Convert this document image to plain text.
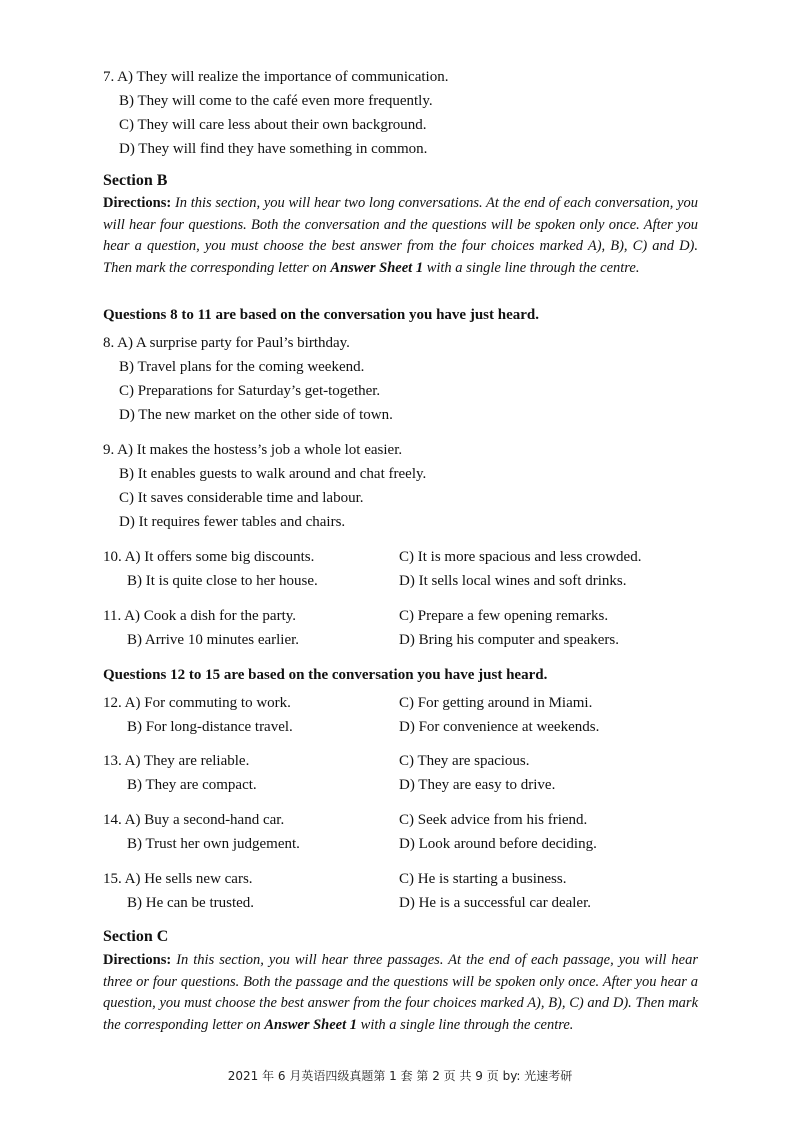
7. A) They will realize the importance of communication.
B) They will come to the café even more frequently.
C) They will care less about their own background.
D) They will find they have something in common.
Section B
Directions: In this section, you will hear two long conversations. At the end of each conversation, you will hear four questions. Both the conversation and the questions will be spoken only once. After you hear a question, you must choose the best answer from the four choices marked A), B), C) and D). Then mark the corresponding letter on Answer Sheet 1 with a single line through the centre.
Questions 8 to 11 are based on the conversation you have just heard.
8. A) A surprise party for Paul’s birthday.
B) Travel plans for the coming weekend.
C) Preparations for Saturday’s get-together.
D) The new market on the other side of town.
9. A) It makes the hostess’s job a whole lot easier.
B) It enables guests to walk around and chat freely.
C) It saves considerable time and labour.
D) It requires fewer tables and chairs.
10. A) It offers some big discounts.	C) It is more spacious and less crowded.
B) It is quite close to her house.	D) It sells local wines and soft drinks.
11. A) Cook a dish for the party.	C) Prepare a few opening remarks.
B) Arrive 10 minutes earlier.	D) Bring his computer and speakers.
Questions 12 to 15 are based on the conversation you have just heard.
12. A) For commuting to work.	C) For getting around in Miami.
B) For long-distance travel.	D) For convenience at weekends.
13. A) They are reliable.	C) They are spacious.
B) They are compact.	D) They are easy to drive.
14. A) Buy a second-hand car.	C) Seek advice from his friend.
B) Trust her own judgement.	D) Look around before deciding.
15. A) He sells new cars.	C) He is starting a business.
B) He can be trusted.	D) He is a successful car dealer.
Section C
Directions: In this section, you will hear three passages. At the end of each passage, you will hear three or four questions. Both the passage and the questions will be spoken only once. After you hear a question, you must choose the best answer from the four choices marked A), B), C) and D). Then mark the corresponding letter on Answer Sheet 1 with a single line through the centre.
2021 年 6 月英语四级真题第 1 套 第 2 页 共 9 页 by: 光速考研
